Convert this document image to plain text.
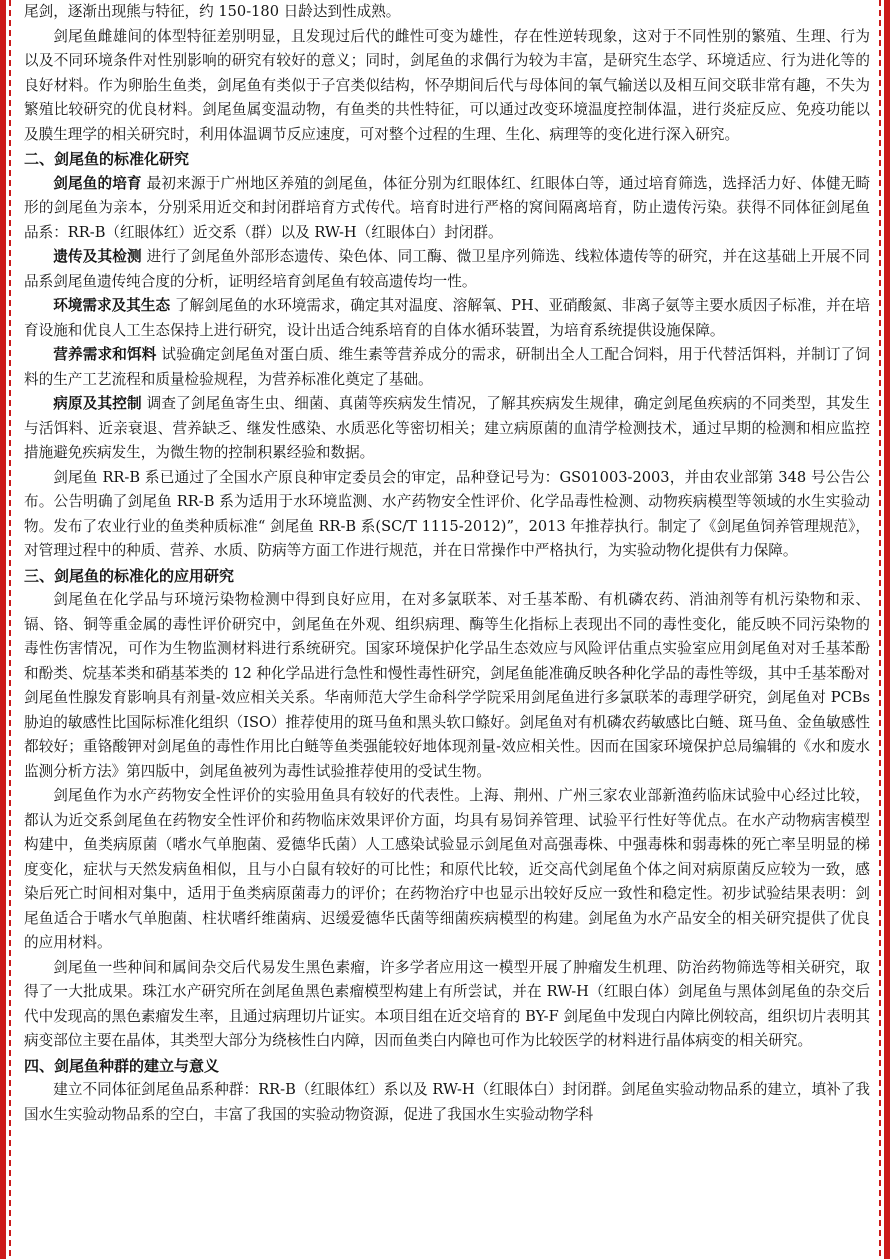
尾剑，逐渐出现熊与特征，约 150-180 日龄达到性成熟。

剑尾鱼雌雄间的体型特征差别明显，且发现过后代的雌性可变为雄性，存在性逆转现象，这对于不同性别的繁殖、生理、行为以及不同环境条件对性别影响的研究有较好的意义；同时，剑尾鱼的求偶行为较为丰富，是研究生态学、环境适应、行为进化等的良好材料。作为卵胎生鱼类，剑尾鱼有类似于子宫类似结构，怀孕期间后代与母体间的氧气输送以及相互间交联非常有趣，不失为繁殖比较研究的优良材料。剑尾鱼属变温动物，有鱼类的共性特征，可以通过改变环境温度控制体温，进行炎症反应、免疫功能以及膜生理学的相关研究时，利用体温调节反应速度，可对整个过程的生理、生化、病理等的变化进行深入研究。

二、剑尾鱼的标准化研究

剑尾鱼的培育 最初来源于广州地区养殖的剑尾鱼，体征分别为红眼体红、红眼体白等，通过培育筛选，选择活力好、体健无畸形的剑尾鱼为亲本，分别采用近交和封闭群培育方式传代。培育时进行严格的窝间隔离培育，防止遗传污染。获得不同体征剑尾鱼品系：RR-B（红眼体红）近交系（群）以及 RW-H（红眼体白）封闭群。

遗传及其检测 进行了剑尾鱼外部形态遗传、染色体、同工酶、微卫星序列筛选、线粒体遗传等的研究，并在这基础上开展不同品系剑尾鱼遗传纯合度的分析，证明经培育剑尾鱼有较高遗传均一性。

环境需求及其生态 了解剑尾鱼的水环境需求，确定其对温度、溶解氧、PH、亚硝酸氮、非离子氨等主要水质因子标准，并在培育设施和优良人工生态保持上进行研究，设计出适合纯系培育的自体水循环装置，为培育系统提供设施保障。

营养需求和饵料 试验确定剑尾鱼对蛋白质、维生素等营养成分的需求，研制出全人工配合饲料，用于代替活饵料，并制订了饲料的生产工艺流程和质量检验规程，为营养标准化奠定了基础。

病原及其控制 调查了剑尾鱼寄生虫、细菌、真菌等疾病发生情况，了解其疾病发生规律，确定剑尾鱼疾病的不同类型，其发生与活饵料、近亲衰退、营养缺乏、继发性感染、水质恶化等密切相关；建立病原菌的血清学检测技术，通过早期的检测和相应监控措施避免疾病发生，为微生物的控制积累经验和数据。

剑尾鱼 RR-B 系已通过了全国水产原良种审定委员会的审定，品种登记号为：GS01003-2003，并由农业部第 348 号公告公布。公告明确了剑尾鱼 RR-B 系为适用于水环境监测、水产药物安全性评价、化学品毒性检测、动物疾病模型等领域的水生实验动物。发布了农业行业的鱼类种质标准“ 剑尾鱼 RR-B 系(SC/T 1115-2012)”，2013 年推荐执行。制定了《剑尾鱼饲养管理规范》，对管理过程中的种质、营养、水质、防病等方面工作进行规范，并在日常操作中严格执行，为实验动物化提供有力保障。

三、剑尾鱼的标准化的应用研究

剑尾鱼在化学品与环境污染物检测中得到良好应用，在对多氯联苯、对壬基苯酚、有机磷农药、消油剂等有机污染物和汞、镉、铬、铜等重金属的毒性评价研究中，剑尾鱼在外观、组织病理、酶等生化指标上表现出不同的毒性变化，能反映不同污染物的毒性伤害情况，可作为生物监测材料进行系统研究。国家环境保护化学品生态效应与风险评估重点实验室应用剑尾鱼对对壬基苯酚和酚类、烷基苯类和硝基苯类的 12 种化学品进行急性和慢性毒性研究，剑尾鱼能准确反映各种化学品的毒性等级，其中壬基苯酚对剑尾鱼性腺发育影响具有剂量-效应相关关系。华南师范大学生命科学学院采用剑尾鱼进行多氯联苯的毒理学研究，剑尾鱼对 PCBs 胁迫的敏感性比国际标准化组织（ISO）推荐使用的斑马鱼和黑头软口鲦好。剑尾鱼对有机磷农药敏感比白鲢、斑马鱼、金鱼敏感性都较好；重铬酸钾对剑尾鱼的毒性作用比白鲢等鱼类强能较好地体现剂量-效应相关性。因而在国家环境保护总局编辑的《水和废水监测分析方法》第四版中，剑尾鱼被列为毒性试验推荐使用的受试生物。

剑尾鱼作为水产药物安全性评价的实验用鱼具有较好的代表性。上海、荆州、广州三家农业部新渔药临床试验中心经过比较，都认为近交系剑尾鱼在药物安全性评价和药物临床效果评价方面，均具有易饲养管理、试验平行性好等优点。在水产动物病害模型构建中，鱼类病原菌（嗜水气单胞菌、爱德华氏菌）人工感染试验显示剑尾鱼对高强毒株、中强毒株和弱毒株的死亡率呈明显的梯度变化，症状与天然发病鱼相似，且与小白鼠有较好的可比性；和原代比较，近交高代剑尾鱼个体之间对病原菌反应较为一致，感染后死亡时间相对集中，适用于鱼类病原菌毒力的评价；在药物治疗中也显示出较好反应一致性和稳定性。初步试验结果表明：剑尾鱼适合于嗜水气单胞菌、柱状嗜纤维菌病、迟缓爱德华氏菌等细菌疾病模型的构建。剑尾鱼为水产品安全的相关研究提供了优良的应用材料。

剑尾鱼一些种间和属间杂交后代易发生黑色素瘤，许多学者应用这一模型开展了肿瘤发生机理、防治药物筛选等相关研究，取得了一大批成果。珠江水产研究所在剑尾鱼黑色素瘤模型构建上有所尝试，并在 RW-H（红眼白体）剑尾鱼与黑体剑尾鱼的杂交后代中发现高的黑色素瘤发生率，且通过病理切片证实。本项目组在近交培育的 BY-F 剑尾鱼中发现白内障比例较高，组织切片表明其病变部位主要在晶体，其类型大部分为绕核性白内障，因而鱼类白内障也可作为比较医学的材料进行晶体病变的相关研究。

四、剑尾鱼种群的建立与意义

建立不同体征剑尾鱼品系种群：RR-B（红眼体红）系以及 RW-H（红眼体白）封闭群。剑尾鱼实验动物品系的建立，填补了我国水生实验动物品系的空白，丰富了我国的实验动物资源，促进了我国水生实验动物学科
